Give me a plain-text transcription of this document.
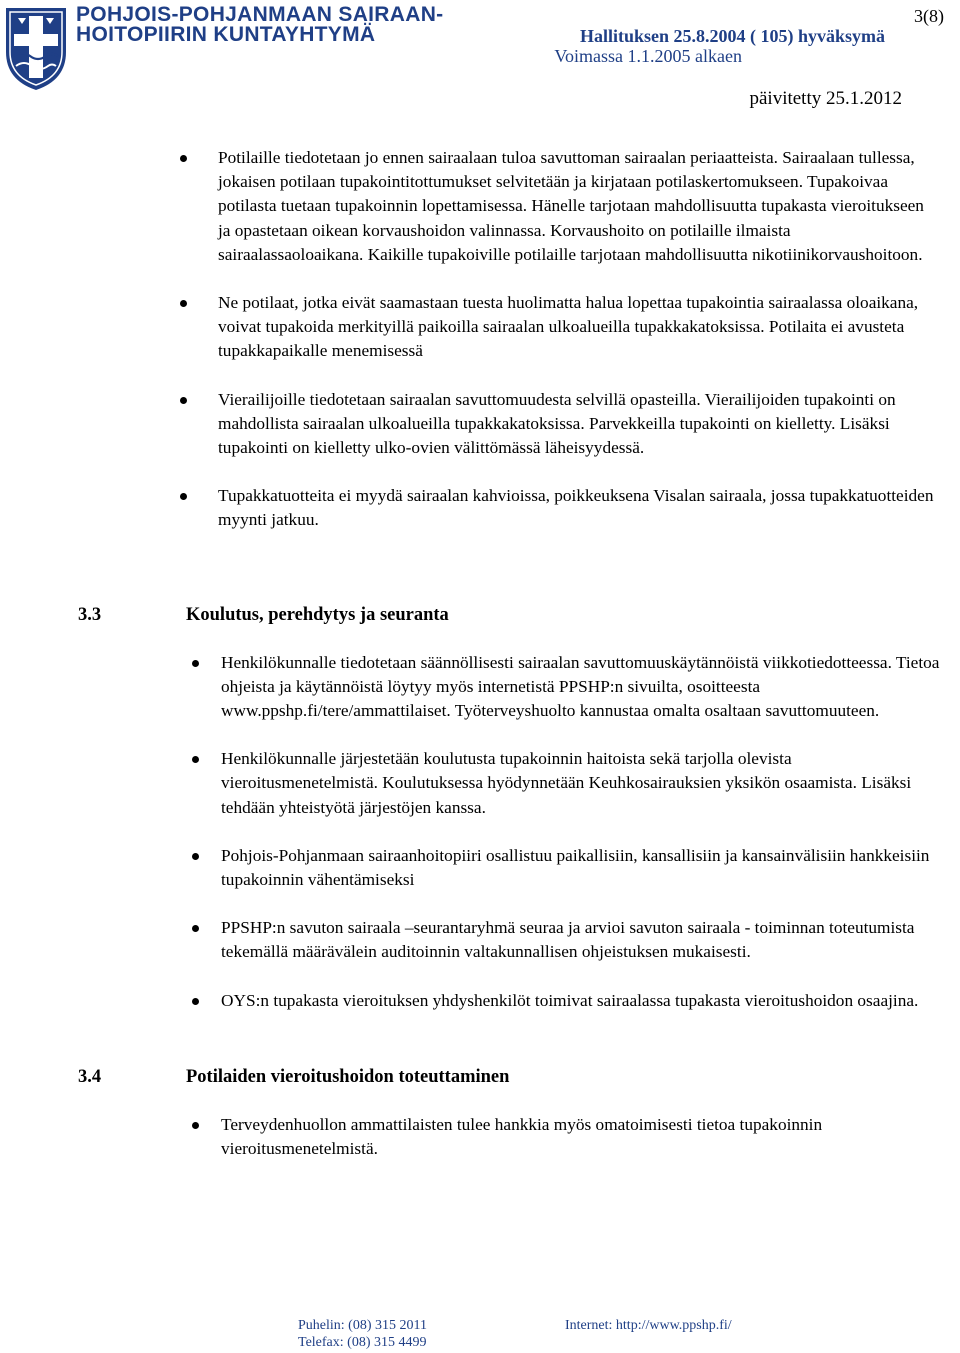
POHJOIS-POHJANMAAN SAIRAAN-
HOITOPIIRIN KUNTAYHTYMÄ
3(8)
Hallituksen 25.8.2004 ( 105) hyväksymä
Voimassa 1.1.2005 alkaen
päivitetty 25.1.2012
Potilaille tiedotetaan jo ennen sairaalaan tuloa savuttoman sairaalan periaatteista. Sairaalaan tullessa, jokaisen potilaan tupakointitottumukset selvitetään ja kirjataan potilaskertomukseen. Tupakoivaa potilasta tuetaan tupakoinnin lopettamisessa. Hänelle tarjotaan mahdollisuutta tupakasta vieroitukseen ja opastetaan oikean korvaushoidon valinnassa. Korvaushoito on potilaille ilmaista sairaalassaoloaikana. Kaikille tupakoiville potilaille tarjotaan mahdollisuutta nikotiinikorvaushoitoon.
Ne potilaat, jotka eivät saamastaan tuesta huolimatta halua lopettaa tupakointia sairaalassa oloaikana, voivat tupakoida merkityillä paikoilla sairaalan ulkoalueilla tupakkakatoksissa. Potilaita ei avusteta tupakkapaikalle menemisessä
Vierailijoille tiedotetaan sairaalan savuttomuudesta selvillä opasteilla. Vierailijoiden tupakointi on mahdollista sairaalan ulkoalueilla tupakkakatoksissa. Parvekkeilla tupakointi on kielletty. Lisäksi tupakointi on kielletty ulko-ovien välittömässä läheisyydessä.
Tupakkatuotteita ei myydä sairaalan kahvioissa, poikkeuksena Visalan sairaala, jossa tupakkatuotteiden myynti jatkuu.
3.3	Koulutus, perehdytys ja seuranta
Henkilökunnalle tiedotetaan säännöllisesti sairaalan savuttomuuskäytännöistä viikkotiedotteessa. Tietoa ohjeista ja käytännöistä löytyy myös internetistä PPSHP:n sivuilta, osoitteesta www.ppshp.fi/tere/ammattilaiset. Työterveyshuolto kannustaa omalta osaltaan savuttomuuteen.
Henkilökunnalle järjestetään koulutusta tupakoinnin haitoista sekä tarjolla olevista vieroitusmenetelmistä. Koulutuksessa hyödynnetään Keuhkosairauksien yksikön osaamista. Lisäksi tehdään yhteistyötä järjestöjen kanssa.
Pohjois-Pohjanmaan sairaanhoitopiiri osallistuu paikallisiin, kansallisiin ja kansainvälisiin hankkeisiin tupakoinnin vähentämiseksi
PPSHP:n savuton sairaala –seurantaryhmä seuraa ja arvioi savuton sairaala - toiminnan toteutumista tekemällä määrävälein auditoinnin valtakunnallisen ohjeistuksen mukaisesti.
OYS:n tupakasta vieroituksen yhdyshenkilöt toimivat sairaalassa tupakasta vieroitushoidon osaajina.
3.4	Potilaiden vieroitushoidon toteuttaminen
Terveydenhuollon ammattilaisten tulee hankkia myös omatoimisesti tietoa tupakoinnin vieroitusmenetelmistä.
Puhelin: (08) 315 2011
Telefax: (08) 315 4499
Internet: http://www.ppshp.fi/
